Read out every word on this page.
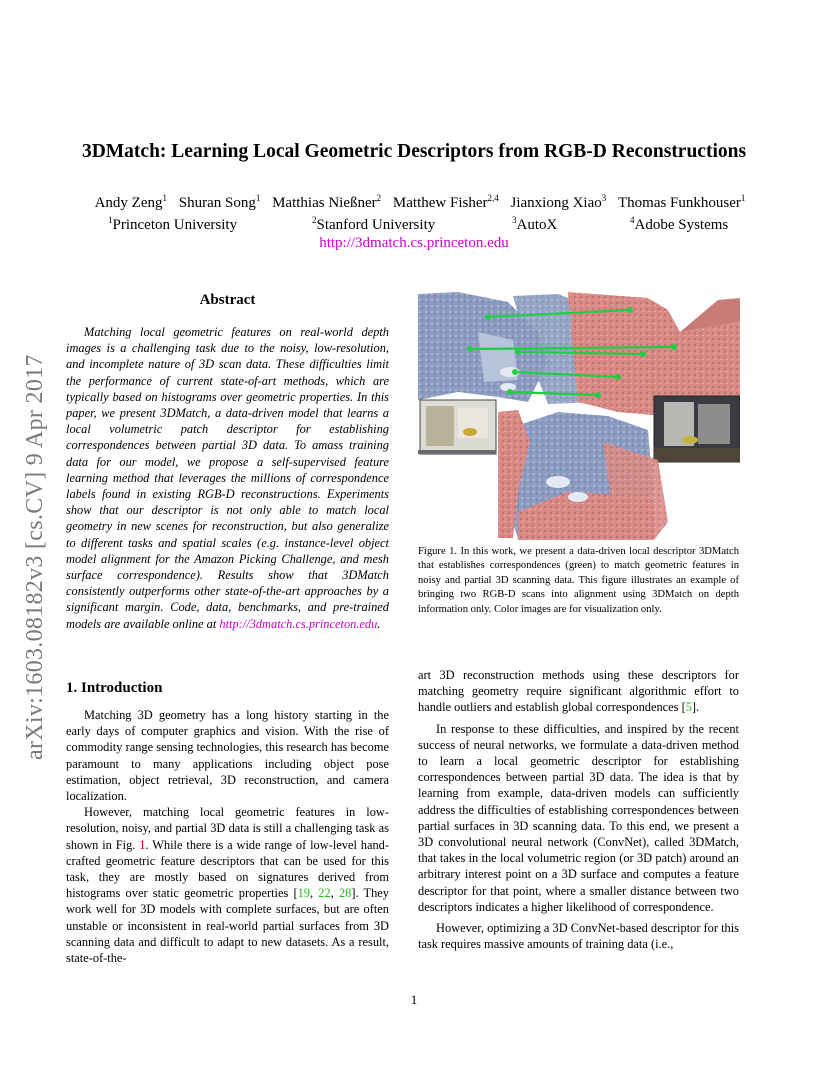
3DMatch: Learning Local Geometric Descriptors from RGB-D Reconstructions
Andy Zeng$^1$ Shuran Song$^1$ Matthias Nießner$^2$ Matthew Fisher$^{2,4}$ Jianxiong Xiao$^3$ Thomas Funkhouser$^1$
$^1$Princeton University	$^2$Stanford University	$^3$AutoX	$^4$Adobe Systems
http://3dmatch.cs.princeton.edu
arXiv:1603.08182v3 [cs.CV] 9 Apr 2017
Abstract

Matching local geometric features on real-world depth images is a challenging task due to the noisy, low-resolution, and incomplete nature of 3D scan data. These difficulties limit the performance of current state-of-art methods, which are typically based on histograms over geometric properties. In this paper, we present 3DMatch, a data-driven model that learns a local volumetric patch descriptor for establishing correspondences between partial 3D data. To amass training data for our model, we propose a self-supervised feature learning method that leverages the millions of correspondence labels found in existing RGB-D reconstructions. Experiments show that our descriptor is not only able to match local geometry in new scenes for reconstruction, but also generalize to different tasks and spatial scales (e.g. instance-level object model alignment for the Amazon Picking Challenge, and mesh surface correspondence). Results show that 3DMatch consistently outperforms other state-of-the-art approaches by a significant margin. Code, data, benchmarks, and pre-trained models are available online at http://3dmatch.cs.princeton.edu.

1. Introduction

Matching 3D geometry has a long history starting in the early days of computer graphics and vision. With the rise of commodity range sensing technologies, this research has become paramount to many applications including object pose estimation, object retrieval, 3D reconstruction, and camera localization.

However, matching local geometric features in low-resolution, noisy, and partial 3D data is still a challenging task as shown in Fig. 1. While there is a wide range of low-level hand-crafted geometric feature descriptors that can be used for this task, they are mostly based on signatures derived from histograms over static geometric properties [19, 22, 28]. They work well for 3D models with complete surfaces, but are often unstable or inconsistent in real-world partial surfaces from 3D scanning data and difficult to adapt to new datasets. As a result, state-of-the-

Figure 1. In this work, we present a data-driven local descriptor 3DMatch that establishes correspondences (green) to match geometric features in noisy and partial 3D scanning data. This figure illustrates an example of bringing two RGB-D scans into alignment using 3DMatch on depth information only. Color images are for visualization only.

art 3D reconstruction methods using these descriptors for matching geometry require significant algorithmic effort to handle outliers and establish global correspondences [5].

In response to these difficulties, and inspired by the recent success of neural networks, we formulate a data-driven method to learn a local geometric descriptor for establishing correspondences between partial 3D data. The idea is that by learning from example, data-driven models can sufficiently address the difficulties of establishing correspondences between partial surfaces in 3D scanning data. To this end, we present a 3D convolutional neural network (ConvNet), called 3DMatch, that takes in the local volumetric region (or 3D patch) around an arbitrary interest point on a 3D surface and computes a feature descriptor for that point, where a smaller distance between two descriptors indicates a higher likelihood of correspondence.

However, optimizing a 3D ConvNet-based descriptor for this task requires massive amounts of training data (i.e.,

1
